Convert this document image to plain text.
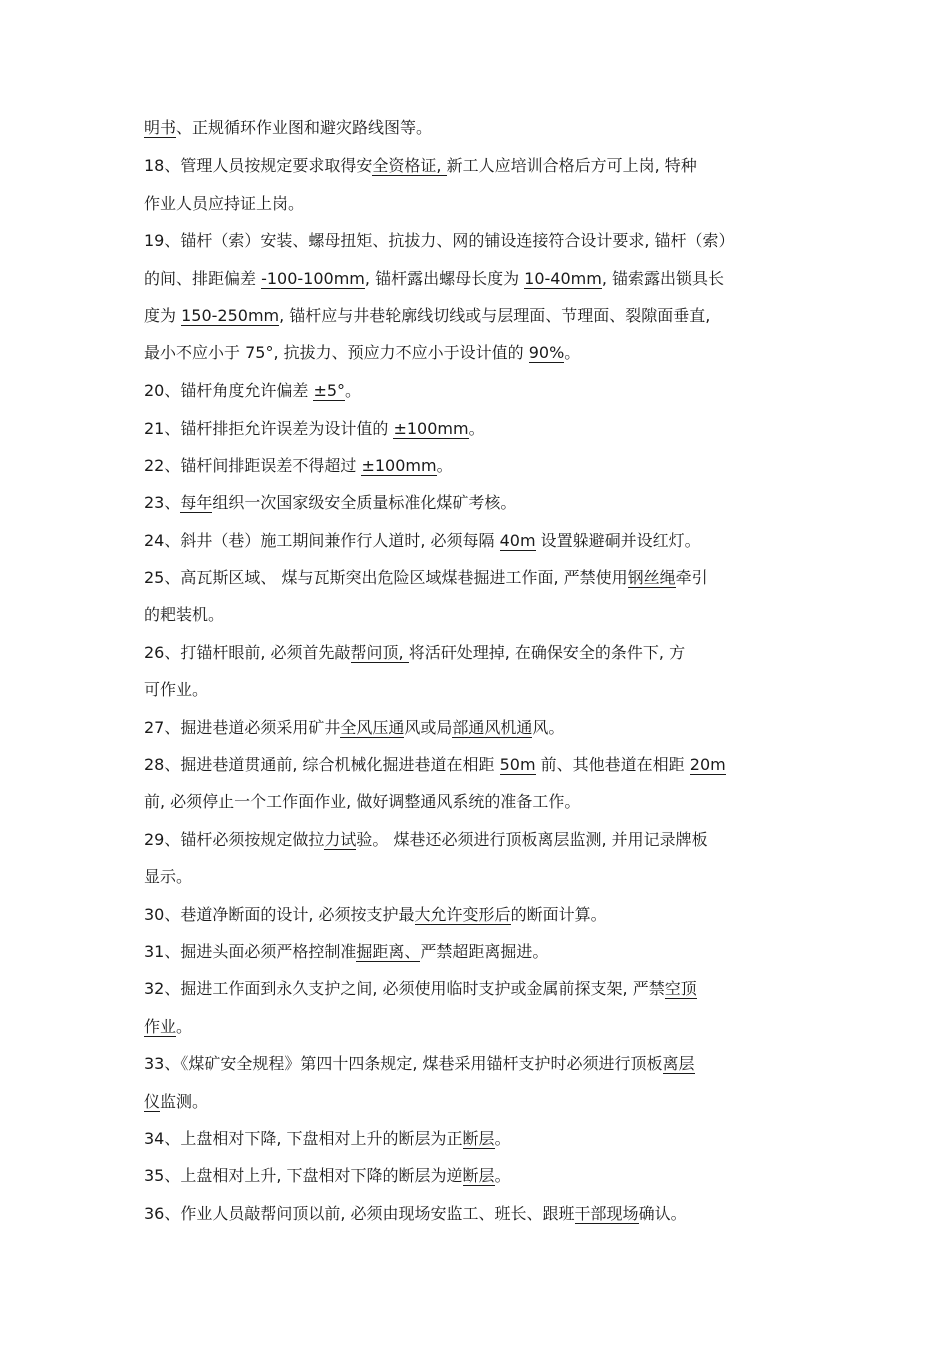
明书、正规循环作业图和避灾路线图等。
18、管理人员按规定要求取得安全资格证, 新工人应培训合格后方可上岗, 特种
作业人员应持证上岗。
19、锚杆（索）安装、螺母扭矩、抗拔力、网的铺设连接符合设计要求, 锚杆（索）
的间、排距偏差 -100-100mm, 锚杆露出螺母长度为 10-40mm, 锚索露出锁具长
度为 150-250mm, 锚杆应与井巷轮廓线切线或与层理面、节理面、裂隙面垂直,
最小不应小于 75°, 抗拔力、预应力不应小于设计值的 90%。
20、锚杆角度允许偏差 ±5°。
21、锚杆排拒允许误差为设计值的 ±100mm。
22、锚杆间排距误差不得超过 ±100mm。
23、每年组织一次国家级安全质量标准化煤矿考核。
24、斜井（巷）施工期间兼作行人道时, 必须每隔 40m 设置躲避硐并设红灯。
25、高瓦斯区域、 煤与瓦斯突出危险区域煤巷掘进工作面, 严禁使用钢丝绳牵引
的耙装机。
26、打锚杆眼前, 必须首先敲帮问顶, 将活矸处理掉, 在确保安全的条件下, 方
可作业。
27、掘进巷道必须采用矿井全风压通风或局部通风机通风。
28、掘进巷道贯通前, 综合机械化掘进巷道在相距 50m 前、其他巷道在相距 20m
前, 必须停止一个工作面作业, 做好调整通风系统的准备工作。
29、锚杆必须按规定做拉力试验。 煤巷还必须进行顶板离层监测, 并用记录牌板
显示。
30、巷道净断面的设计, 必须按支护最大允许变形后的断面计算。
31、掘进头面必须严格控制准掘距离、严禁超距离掘进。
32、掘进工作面到永久支护之间, 必须使用临时支护或金属前探支架, 严禁空顶
作业。
33、《煤矿安全规程》第四十四条规定, 煤巷采用锚杆支护时必须进行顶板离层
仪监测。
34、上盘相对下降, 下盘相对上升的断层为正断层。
35、上盘相对上升, 下盘相对下降的断层为逆断层。
36、作业人员敲帮问顶以前, 必须由现场安监工、班长、跟班干部现场确认。
